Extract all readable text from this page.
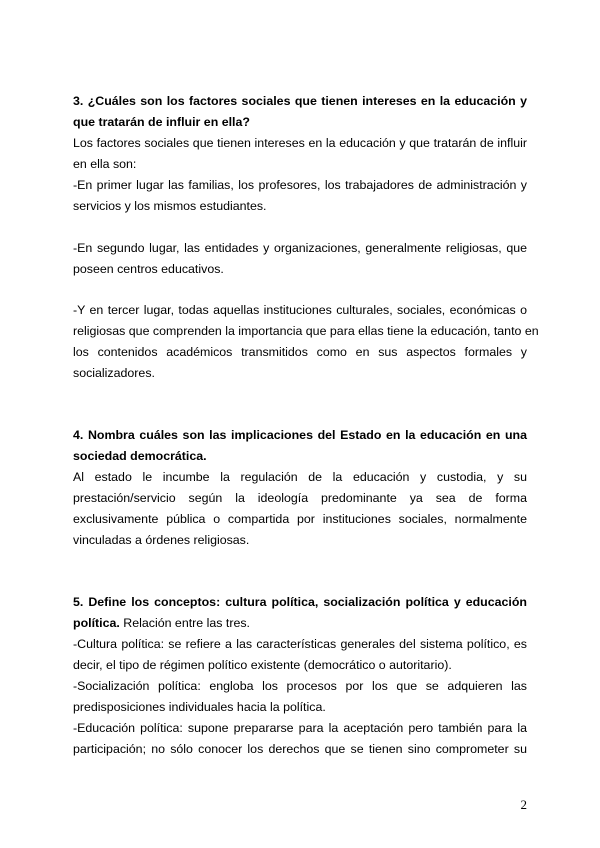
3. ¿Cuáles son los factores sociales que tienen intereses en la educación y

que tratarán de influir en ella?

Los factores sociales que tienen intereses en la educación y que tratarán de influir

en ella son:

-En primer lugar las familias, los profesores, los trabajadores de administración y

servicios y los mismos estudiantes.

-En segundo lugar, las entidades y organizaciones, generalmente religiosas, que

poseen centros educativos.

-Y en tercer lugar, todas aquellas instituciones culturales, sociales, económicas o

religiosas que comprenden la importancia que para ellas tiene la educación, tanto en

los contenidos académicos transmitidos como en sus aspectos formales y

socializadores.

4. Nombra cuáles son las implicaciones del Estado en la educación en una

sociedad democrática.

Al estado le incumbe la regulación de la educación y custodia, y su

prestación/servicio según la ideología predominante ya sea de forma

exclusivamente pública o compartida por instituciones sociales, normalmente

vinculadas a órdenes religiosas.

5. Define los conceptos: cultura política, socialización política y educación

política. Relación entre las tres.

-Cultura política: se refiere a las características generales del sistema político, es

decir, el tipo de régimen político existente (democrático o autoritario).

-Socialización política: engloba los procesos por los que se adquieren las

predisposiciones individuales hacia la política.

-Educación política: supone prepararse para la aceptación pero también para la

participación; no sólo conocer los derechos que se tienen sino comprometer su

2
